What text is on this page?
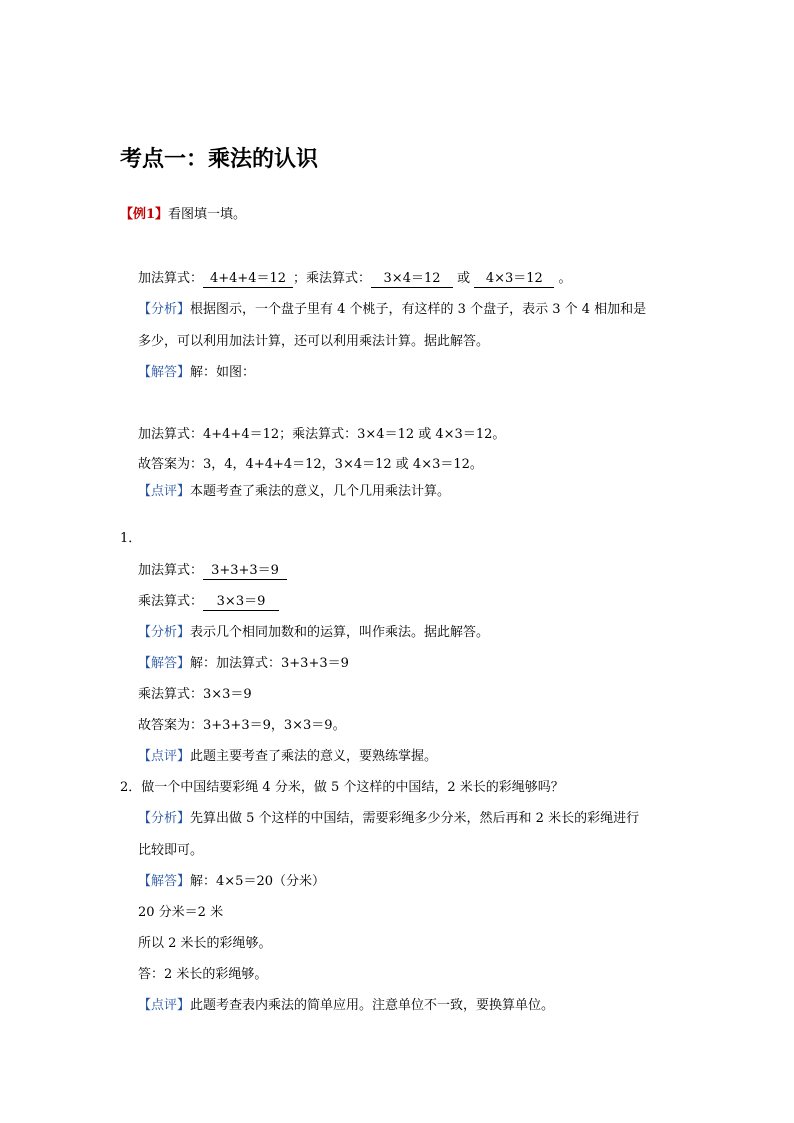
考点一：乘法的认识
【例1】看图填一填。
加法算式： 4+4+4＝12 ；乘法算式： 3×4＝12 或 4×3＝12 。
【分析】根据图示，一个盘子里有 4 个桃子，有这样的 3 个盘子，表示 3 个 4 相加和是
多少，可以利用加法计算，还可以利用乘法计算。据此解答。
【解答】解：如图：
加法算式：4+4+4＝12；乘法算式：3×4＝12 或 4×3＝12。
故答案为：3，4，4+4+4＝12，3×4＝12 或 4×3＝12。
【点评】本题考查了乘法的意义，几个几用乘法计算。
1．
加法算式： 3+3+3＝9
乘法算式： 3×3＝9
【分析】表示几个相同加数和的运算，叫作乘法。据此解答。
【解答】解：加法算式：3+3+3＝9
乘法算式：3×3＝9
故答案为：3+3+3＝9，3×3＝9。
【点评】此题主要考查了乘法的意义，要熟练掌握。
2．做一个中国结要彩绳 4 分米，做 5 个这样的中国结，2 米长的彩绳够吗？
【分析】先算出做 5 个这样的中国结，需要彩绳多少分米，然后再和 2 米长的彩绳进行
比较即可。
【解答】解：4×5＝20（分米）
20 分米＝2 米
所以 2 米长的彩绳够。
答：2 米长的彩绳够。
【点评】此题考查表内乘法的简单应用。注意单位不一致，要换算单位。
